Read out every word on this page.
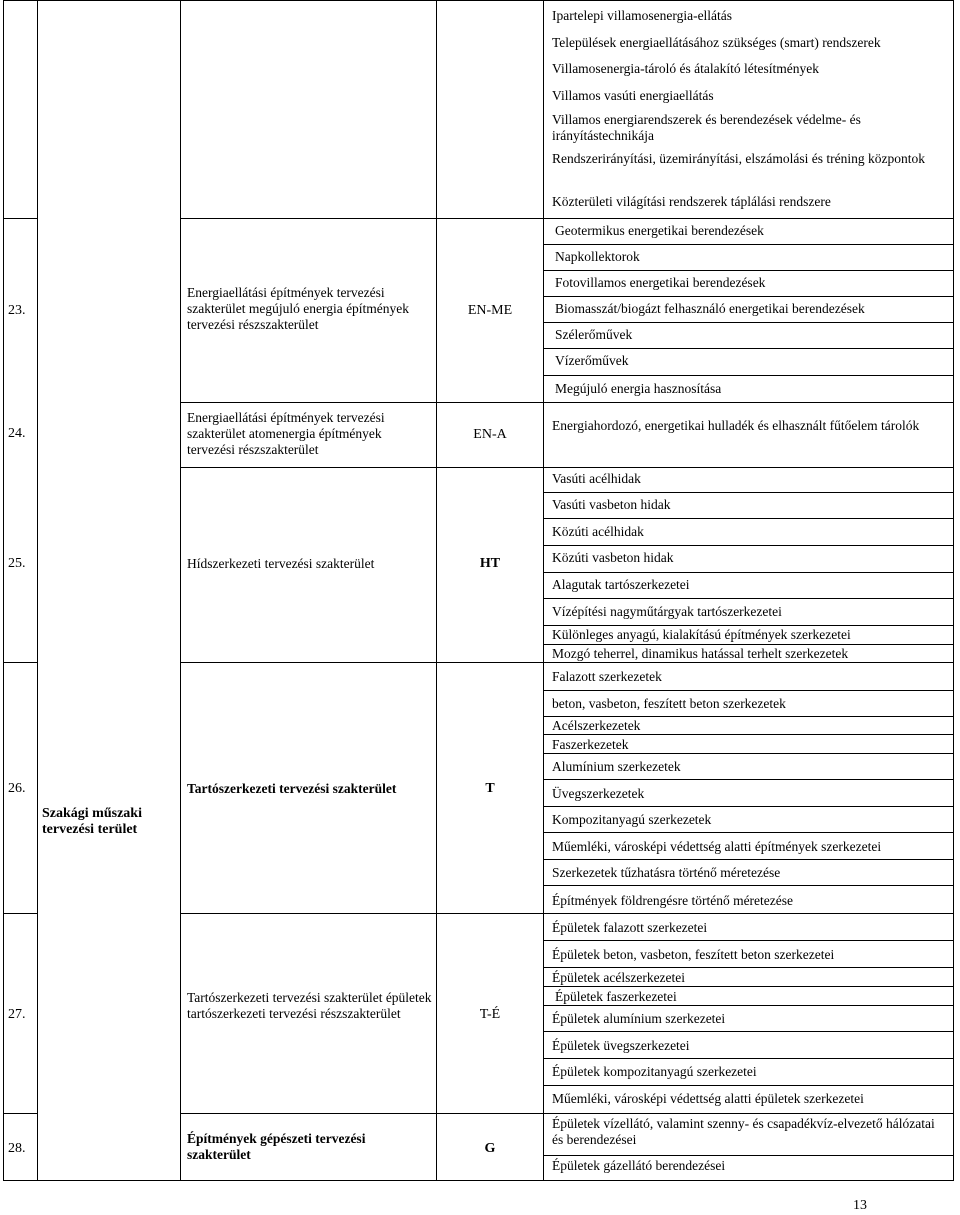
23.
24.
25.
26.
27.
28.
Szakági műszaki tervezési terület
Energiaellátási építmények tervezési szakterület megújuló energia építmények tervezési részszakterület
Energiaellátási építmények tervezési szakterület atomenergia építmények tervezési részszakterület
Hídszerkezeti tervezési szakterület
Tartószerkezeti tervezési szakterület
Tartószerkezeti tervezési szakterület épületek tartószerkezeti tervezési részszakterület
Építmények gépészeti tervezési szakterület
EN-ME
EN-A
HT
T
T-É
G
Ipartelepi villamosenergia-ellátás
Települések energiaellátásához szükséges (smart) rendszerek
Villamosenergia-tároló és átalakító létesítmények
Villamos vasúti energiaellátás
Villamos energiarendszerek és berendezések védelme- és irányítástechnikája
Rendszerirányítási, üzemirányítási, elszámolási és tréning központok
Közterületi világítási rendszerek táplálási rendszere
Geotermikus energetikai berendezések
Napkollektorok
Fotovillamos energetikai berendezések
Biomasszát/biogázt felhasználó energetikai berendezések
Szélerőművek
Vízerőművek
Megújuló energia hasznosítása
Energiahordozó, energetikai hulladék és elhasznált fűtőelem tárolók
Vasúti acélhidak
Vasúti vasbeton hidak
Közúti acélhidak
Közúti vasbeton hidak
Alagutak tartószerkezetei
Vízépítési nagyműtárgyak tartószerkezetei
Különleges anyagú, kialakítású építmények szerkezetei
Mozgó teherrel, dinamikus hatással terhelt szerkezetek
Falazott szerkezetek
beton, vasbeton, feszített beton szerkezetek
Acélszerkezetek
Faszerkezetek
Alumínium szerkezetek
Üvegszerkezetek
Kompozitanyagú szerkezetek
Műemléki, városképi védettség alatti építmények szerkezetei
Szerkezetek tűzhatásra történő méretezése
Építmények földrengésre történő méretezése
Épületek falazott szerkezetei
Épületek beton, vasbeton, feszített beton szerkezetei
Épületek acélszerkezetei
Épületek faszerkezetei
Épületek alumínium szerkezetei
Épületek üvegszerkezetei
Épületek kompozitanyagú szerkezetei
Műemléki, városképi védettség alatti épületek szerkezetei
Épületek vízellátó, valamint szenny- és csapadékvíz-elvezető hálózatai és berendezései
Épületek gázellátó berendezései
13
